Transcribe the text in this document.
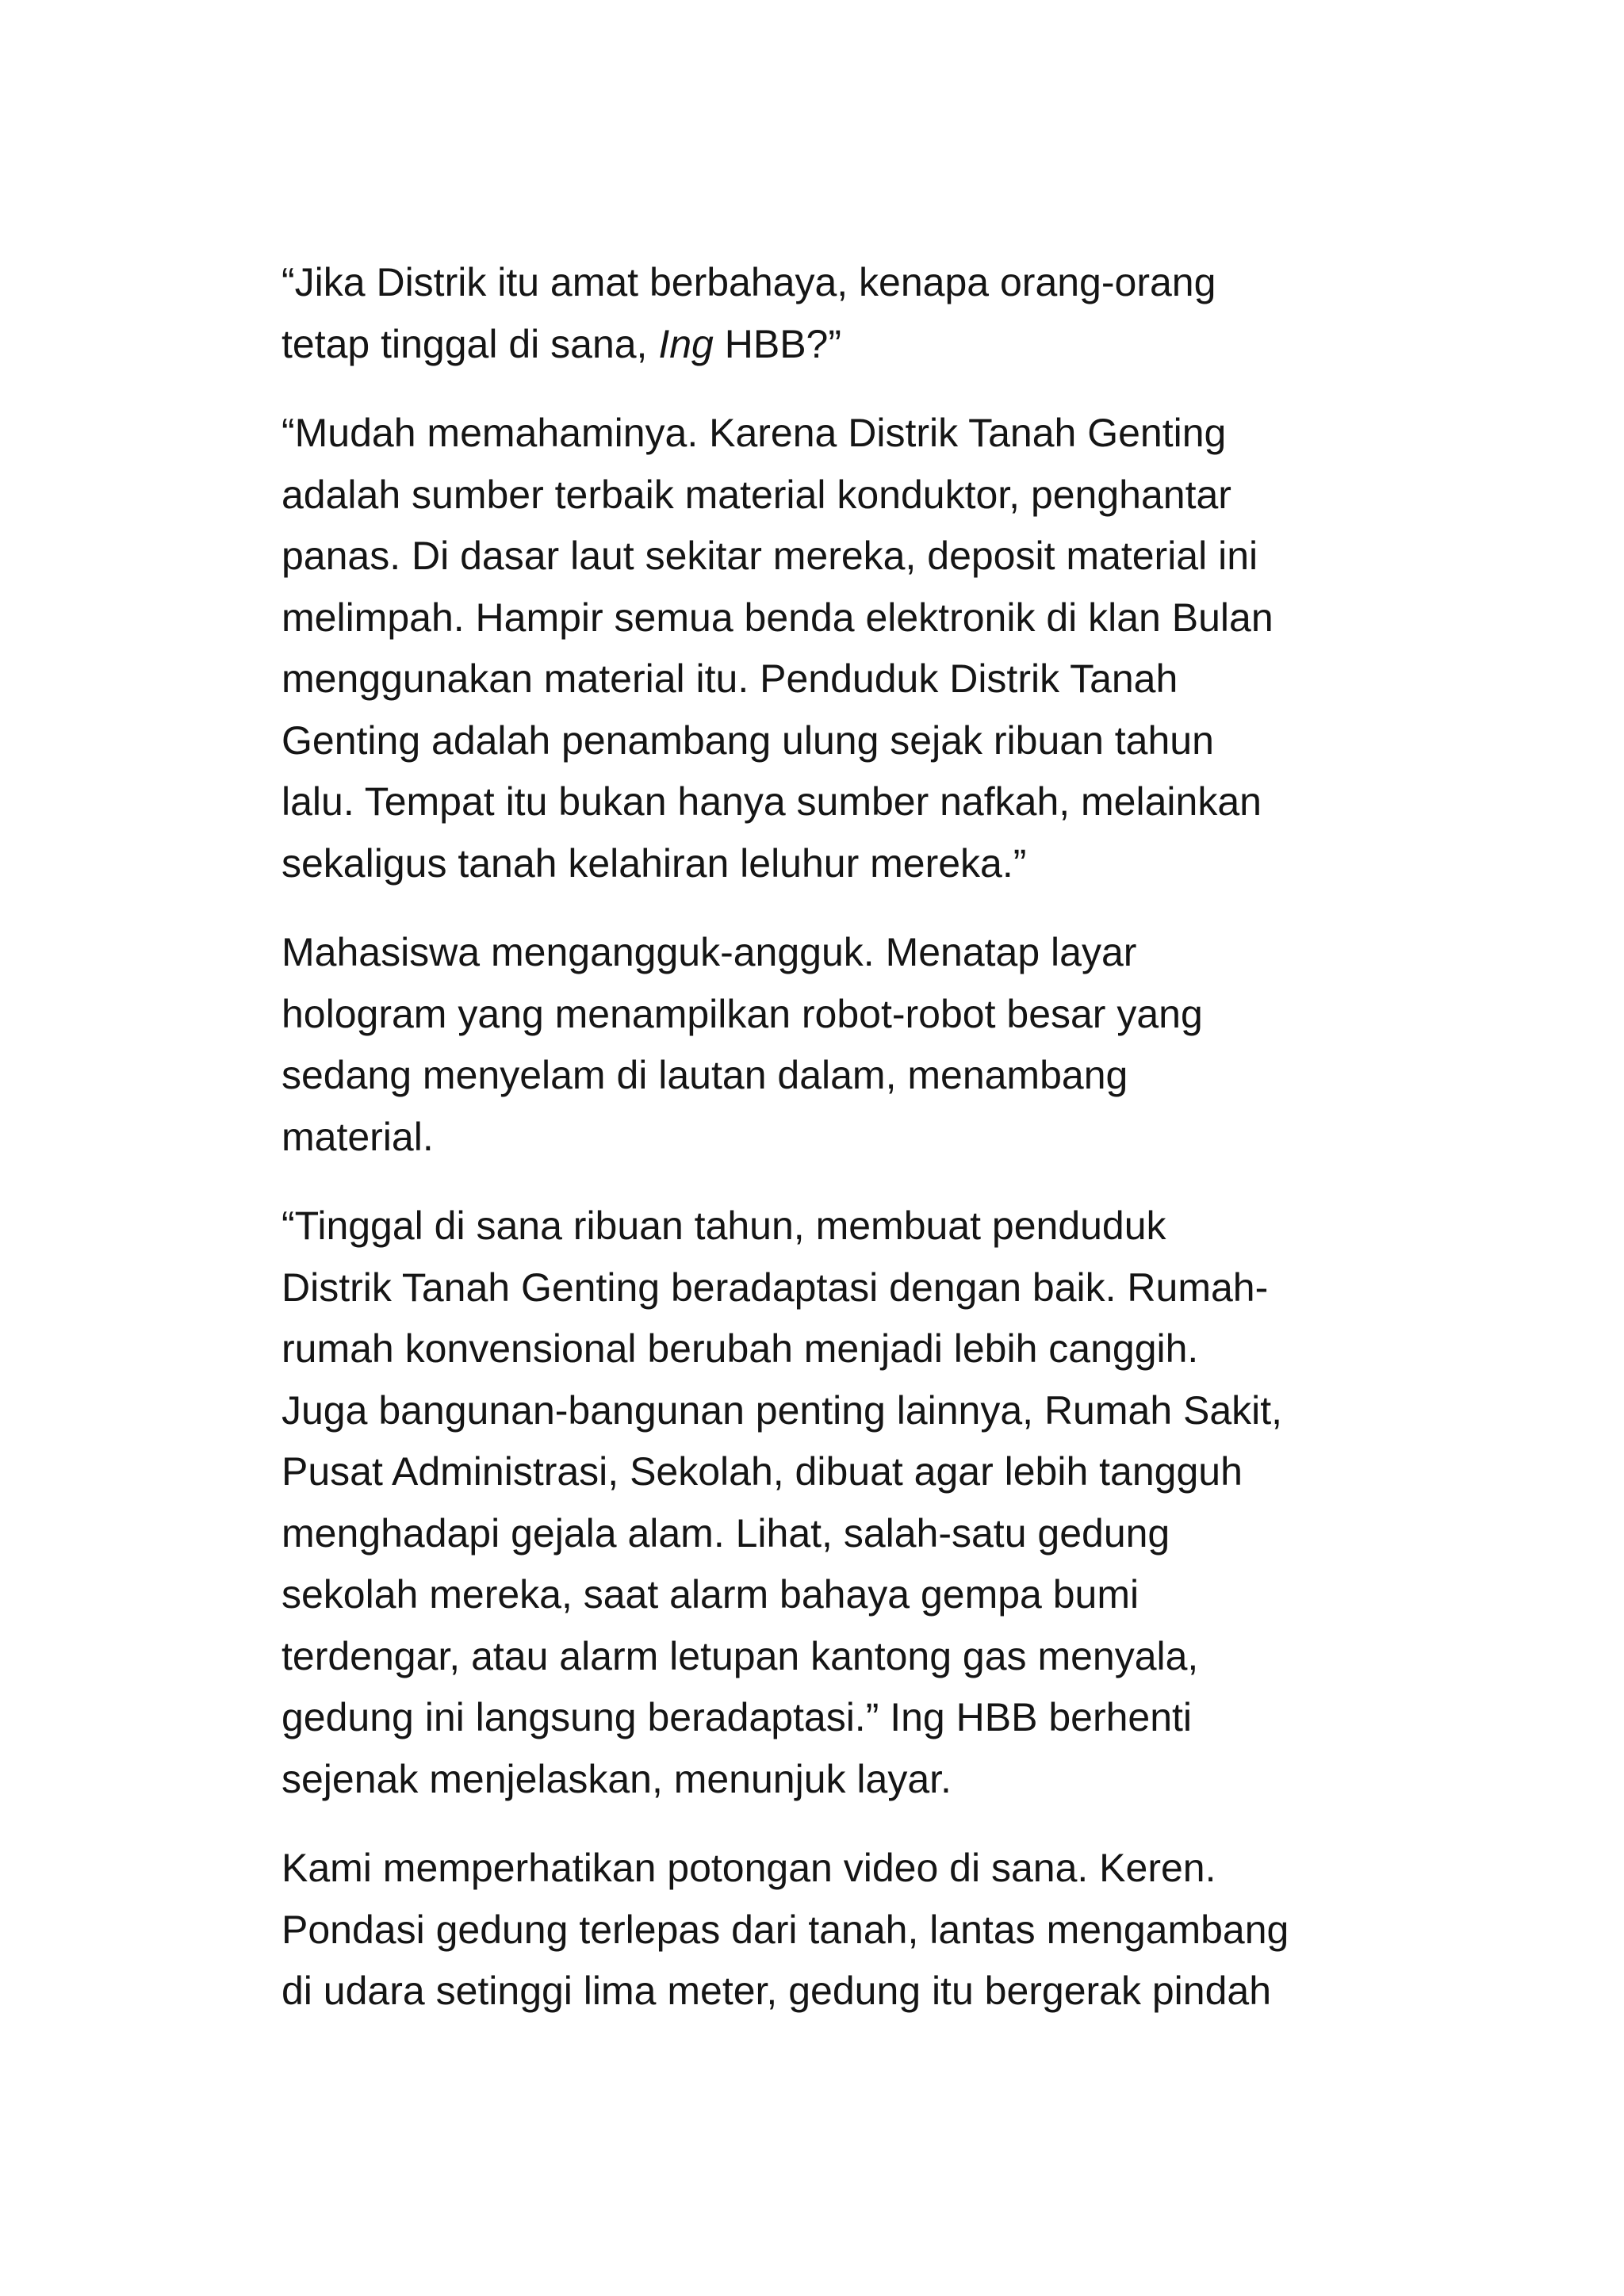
“Jika Distrik itu amat berbahaya, kenapa orang-orang
tetap tinggal di sana, Ing HBB?”

“Mudah memahaminya. Karena Distrik Tanah Genting
adalah sumber terbaik material konduktor, penghantar
panas. Di dasar laut sekitar mereka, deposit material ini
melimpah. Hampir semua benda elektronik di klan Bulan
menggunakan material itu. Penduduk Distrik Tanah
Genting adalah penambang ulung sejak ribuan tahun
lalu. Tempat itu bukan hanya sumber nafkah, melainkan
sekaligus tanah kelahiran leluhur mereka.”

Mahasiswa mengangguk-angguk. Menatap layar
hologram yang menampilkan robot-robot besar yang
sedang menyelam di lautan dalam, menambang
material.

“Tinggal di sana ribuan tahun, membuat penduduk
Distrik Tanah Genting beradaptasi dengan baik. Rumah-
rumah konvensional berubah menjadi lebih canggih.
Juga bangunan-bangunan penting lainnya, Rumah Sakit,
Pusat Administrasi, Sekolah, dibuat agar lebih tangguh
menghadapi gejala alam. Lihat, salah-satu gedung
sekolah mereka, saat alarm bahaya gempa bumi
terdengar, atau alarm letupan kantong gas menyala,
gedung ini langsung beradaptasi.” Ing HBB berhenti
sejenak menjelaskan, menunjuk layar.

Kami memperhatikan potongan video di sana. Keren.
Pondasi gedung terlepas dari tanah, lantas mengambang
di udara setinggi lima meter, gedung itu bergerak pindah
